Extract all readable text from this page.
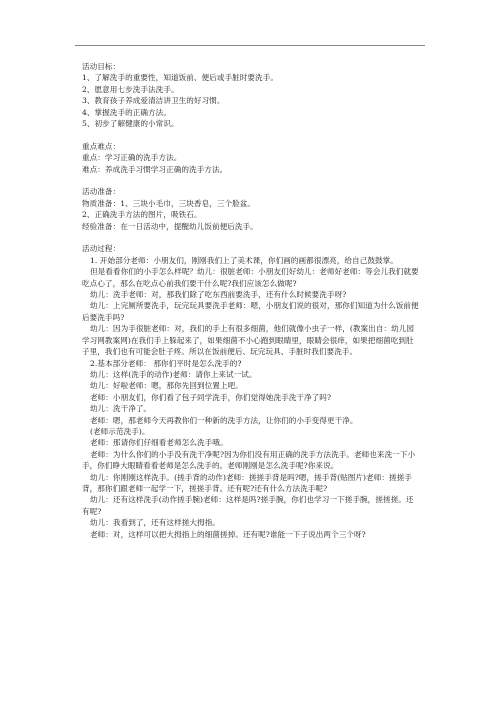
活动目标：

1、了解洗手的重要性，知道饭前、便后或手脏时要洗手。

2、愿意用七步洗手法洗手。

3、教育孩子养成爱清洁讲卫生的好习惯。

4、掌握洗手的正确方法。

5、初步了解健康的小常识。

重点难点：

重点：学习正确的洗手方法。

难点：养成洗手习惯学习正确的洗手方法。

活动准备：

物质准备：1、三块小毛巾，三块香皂，三个脸盆。

2、正确洗手方法的图片，吸铁石。

经验准备：在一日活动中，提醒幼儿饭前便后洗手。

活动过程：

1. 开始部分老师：小朋友们，刚刚我们上了美术课，你们画的画都很漂亮，给自己鼓鼓掌。

但是看看你们的小手怎么样呢？幼儿：很脏老师：小朋友们好幼儿：老师好老师：等会儿我们就要吃点心了，那么在吃点心前我们要干什么呢?我们应该怎么做呢?

幼儿：洗手老师：对，那我们除了吃东西前要洗手，还有什么时候要洗手呀?

幼儿：上完厕所要洗手，玩完玩具要洗手老师：嗯，小朋友们说的很对，那你们知道为什么饭前便后要洗手吗?

幼儿：因为手很脏老师：对，我们的手上有很多细菌，他们就像小虫子一样，(教案出自：幼儿园学习网教案网)在我们手上躲起来了，如果细菌不小心跑到眼睛里，眼睛会很痒，如果把细菌吃到肚子里，我们也有可能会肚子疼。所以在饭前便后、玩完玩具、手脏时我们要洗手。

2.基本部分老师： 那你们平时是怎么洗手的?

幼儿：这样(洗手的动作)老师：请你上来试一试。

幼儿：好啦老师：嗯，那你先回到位置上吧。

老师：小朋友们，你们看了包子同学洗手，你们觉得她洗手洗干净了吗?

幼儿：洗干净了。

老师：嗯，那老师今天再教你们一种新的洗手方法，让你们的小手变得更干净。

(老师示范洗手)。

老师：那请你们仔细看老师怎么洗手哦。

老师：为什么你们的小手没有洗干净呢?因为你们没有用正确的洗手方法洗手。老师也来洗一下小手，你们睁大眼睛看看老师是怎么洗手的。老师刚刚是怎么洗手呢?你来说。

幼儿：你刚刚这样洗手。(搓手背的动作)老师：搓搓手背是吗?嗯，搓手背(贴图片)老师：搓搓手背，那你们跟老师一起学一下，搓搓手背。还有呢?还有什么方法洗手呢?

幼儿：还有这样洗手(动作搓手腕)老师：这样是吗?搓手腕，你们也学习一下搓手腕，搓搓搓。还有呢?

幼儿：我看到了，还有这样搓大拇指。

老师：对，这样可以把大拇指上的细菌搓掉。还有呢?谁能一下子说出两个三个呀?
